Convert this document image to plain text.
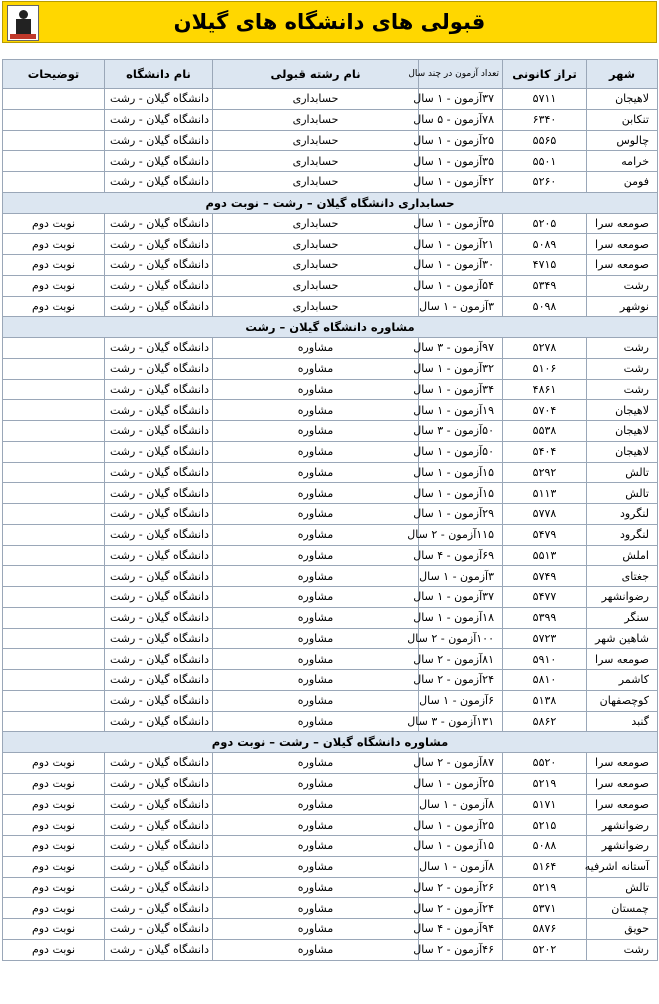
قبولی های دانشگاه های گیلان
شهر	تراز کانونی	تعداد آزمون در چند سال	نام رشته قبولی	نام دانشگاه	توضیحات
لاهیجان	۵۷۱۱	۳۷آزمون - ۱ سال	حسابداری	دانشگاه گیلان - رشت	
تنکابن	۶۳۴۰	۷۸آزمون - ۵ سال	حسابداری	دانشگاه گیلان - رشت	
چالوس	۵۵۶۵	۲۵آزمون - ۱ سال	حسابداری	دانشگاه گیلان - رشت	
خرامه	۵۵۰۱	۳۵آزمون - ۱ سال	حسابداری	دانشگاه گیلان - رشت	
فومن	۵۲۶۰	۴۲آزمون - ۱ سال	حسابداری	دانشگاه گیلان - رشت	
حسابداری دانشگاه گیلان – رشت – نوبت دوم					
صومعه سرا	۵۲۰۵	۳۵آزمون - ۱ سال	حسابداری	دانشگاه گیلان - رشت	نوبت دوم
صومعه سرا	۵۰۸۹	۲۱آزمون - ۱ سال	حسابداری	دانشگاه گیلان - رشت	نوبت دوم
صومعه سرا	۴۷۱۵	۳۰آزمون - ۱ سال	حسابداری	دانشگاه گیلان - رشت	نوبت دوم
رشت	۵۳۴۹	۵۴آزمون - ۱ سال	حسابداری	دانشگاه گیلان - رشت	نوبت دوم
نوشهر	۵۰۹۸	۳آزمون - ۱ سال	حسابداری	دانشگاه گیلان - رشت	نوبت دوم
مشاوره دانشگاه گیلان – رشت					
رشت	۵۲۷۸	۹۷آزمون - ۳ سال	مشاوره	دانشگاه گیلان - رشت	
رشت	۵۱۰۶	۳۲آزمون - ۱ سال	مشاوره	دانشگاه گیلان - رشت	
رشت	۴۸۶۱	۳۴آزمون - ۱ سال	مشاوره	دانشگاه گیلان - رشت	
لاهیجان	۵۷۰۴	۱۹آزمون - ۱ سال	مشاوره	دانشگاه گیلان - رشت	
لاهیجان	۵۵۳۸	۵۰آزمون - ۳ سال	مشاوره	دانشگاه گیلان - رشت	
لاهیجان	۵۴۰۴	۵۰آزمون - ۱ سال	مشاوره	دانشگاه گیلان - رشت	
تالش	۵۲۹۲	۱۵آزمون - ۱ سال	مشاوره	دانشگاه گیلان - رشت	
تالش	۵۱۱۳	۱۵آزمون - ۱ سال	مشاوره	دانشگاه گیلان - رشت	
لنگرود	۵۷۷۸	۲۹آزمون - ۱ سال	مشاوره	دانشگاه گیلان - رشت	
لنگرود	۵۴۷۹	۱۱۵آزمون - ۲ سال	مشاوره	دانشگاه گیلان - رشت	
املش	۵۵۱۳	۶۹آزمون - ۴ سال	مشاوره	دانشگاه گیلان - رشت	
جغتای	۵۷۴۹	۳آزمون - ۱ سال	مشاوره	دانشگاه گیلان - رشت	
رضوانشهر	۵۴۷۷	۳۷آزمون - ۱ سال	مشاوره	دانشگاه گیلان - رشت	
سنگر	۵۳۹۹	۱۸آزمون - ۱ سال	مشاوره	دانشگاه گیلان - رشت	
شاهین شهر	۵۷۲۳	۱۰۰آزمون - ۲ سال	مشاوره	دانشگاه گیلان - رشت	
صومعه سرا	۵۹۱۰	۸۱آزمون - ۲ سال	مشاوره	دانشگاه گیلان - رشت	
کاشمر	۵۸۱۰	۲۴آزمون - ۲ سال	مشاوره	دانشگاه گیلان - رشت	
کوچصفهان	۵۱۳۸	۶آزمون - ۱ سال	مشاوره	دانشگاه گیلان - رشت	
گنبد	۵۸۶۲	۱۳۱آزمون - ۳ سال	مشاوره	دانشگاه گیلان - رشت	
مشاوره دانشگاه گیلان – رشت – نوبت دوم					
صومعه سرا	۵۵۲۰	۸۷آزمون - ۲ سال	مشاوره	دانشگاه گیلان - رشت	نوبت دوم
صومعه سرا	۵۲۱۹	۲۵آزمون - ۱ سال	مشاوره	دانشگاه گیلان - رشت	نوبت دوم
صومعه سرا	۵۱۷۱	۸آزمون - ۱ سال	مشاوره	دانشگاه گیلان - رشت	نوبت دوم
رضوانشهر	۵۲۱۵	۲۵آزمون - ۱ سال	مشاوره	دانشگاه گیلان - رشت	نوبت دوم
رضوانشهر	۵۰۸۸	۱۵آزمون - ۱ سال	مشاوره	دانشگاه گیلان - رشت	نوبت دوم
آستانه اشرفیه	۵۱۶۴	۸آزمون - ۱ سال	مشاوره	دانشگاه گیلان - رشت	نوبت دوم
تالش	۵۲۱۹	۲۶آزمون - ۲ سال	مشاوره	دانشگاه گیلان - رشت	نوبت دوم
چمستان	۵۳۷۱	۲۴آزمون - ۲ سال	مشاوره	دانشگاه گیلان - رشت	نوبت دوم
حویق	۵۸۷۶	۹۴آزمون - ۴ سال	مشاوره	دانشگاه گیلان - رشت	نوبت دوم
رشت	۵۲۰۲	۴۶آزمون - ۲ سال	مشاوره	دانشگاه گیلان - رشت	نوبت دوم
